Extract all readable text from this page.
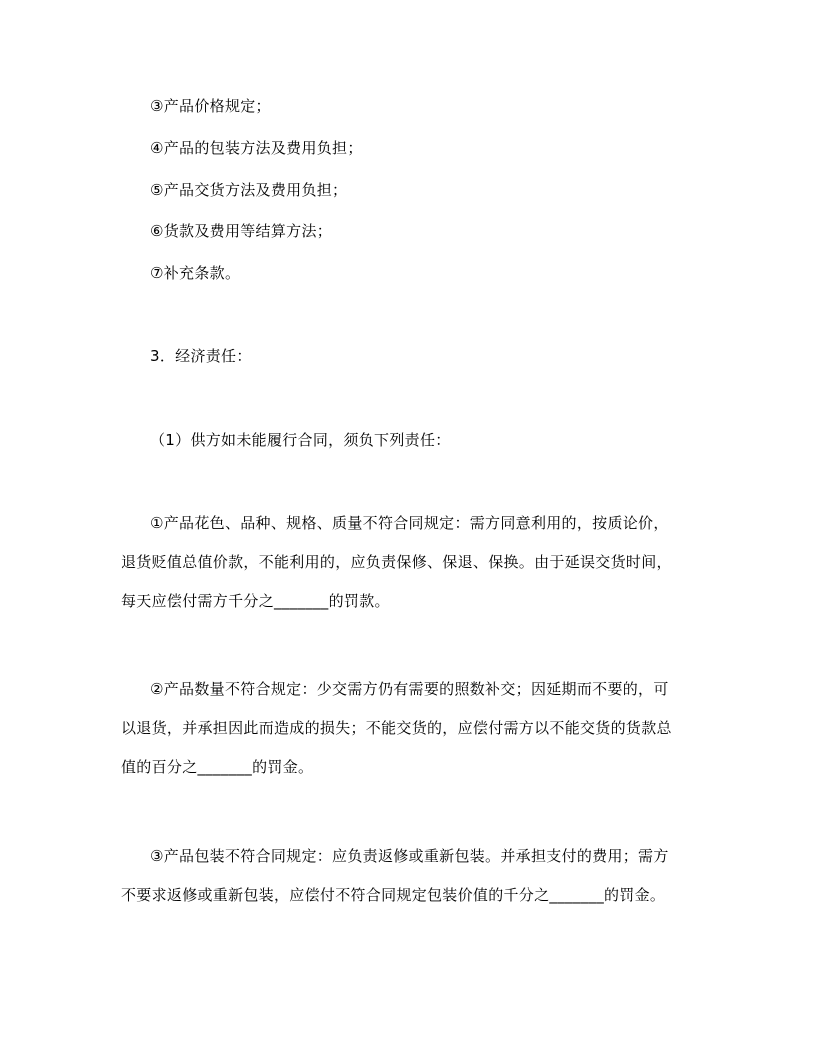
③产品价格规定；
④产品的包装方法及费用负担；
⑤产品交货方法及费用负担；
⑥货款及费用等结算方法；
⑦补充条款。
3．经济责任：
（1）供方如未能履行合同，须负下列责任：
①产品花色、品种、规格、质量不符合同规定：需方同意利用的，按质论价，
退货贬值总值价款，不能利用的，应负责保修、保退、保换。由于延误交货时间，
每天应偿付需方千分之_______的罚款。
②产品数量不符合规定：少交需方仍有需要的照数补交；因延期而不要的，可
以退货，并承担因此而造成的损失；不能交货的，应偿付需方以不能交货的货款总
值的百分之_______的罚金。
③产品包装不符合同规定：应负责返修或重新包装。并承担支付的费用；需方
不要求返修或重新包装，应偿付不符合同规定包装价值的千分之_______的罚金。
